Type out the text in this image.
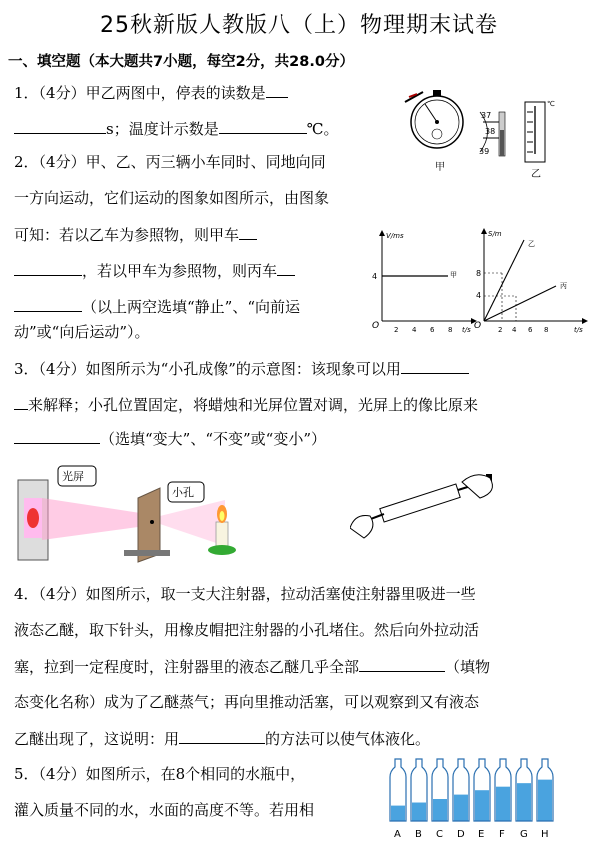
25秋新版人教版八（上）物理期末试卷
一、填空题（本大题共7小题，每空2分，共28.0分）
1．（4分）甲乙两图中，停表的读数是
s；温度计示数是	℃。
甲
37
38
39
℃
乙
2．（4分）甲、乙、丙三辆小车同时、同地向同
一方向运动，它们运动的图象如图所示，由图象
可知：若以乙车为参照物，则甲车
，若以甲车为参照物，则丙车
（以上两空选填“静止”、“向前运
动”或“向后运动”）。
V/ms
t/s
O
4	甲
2 4 6 8
S/m
t/s
O
4
8
乙
丙
2 4 6 8
3．（4分）如图所示为“小孔成像”的示意图：该现象可以用
来解释；小孔位置固定，将蜡烛和光屏位置对调，光屏上的像比原来
（选填“变大”、“不变”或“变小”）
光屏
小孔
4．（4分）如图所示，取一支大注射器，拉动活塞使注射器里吸进一些
液态乙醚，取下针头，用橡皮帽把注射器的小孔堵住。然后向外拉动活
塞，拉到一定程度时，注射器里的液态乙醚几乎全部	（填物
态变化名称）成为了乙醚蒸气；再向里推动活塞，可以观察到又有液态
乙醚出现了，这说明：用	的方法可以使气体液化。
5．（4分）如图所示，在8个相同的水瓶中，
灌入质量不同的水，水面的高度不等。若用相
A B C D E F G H
